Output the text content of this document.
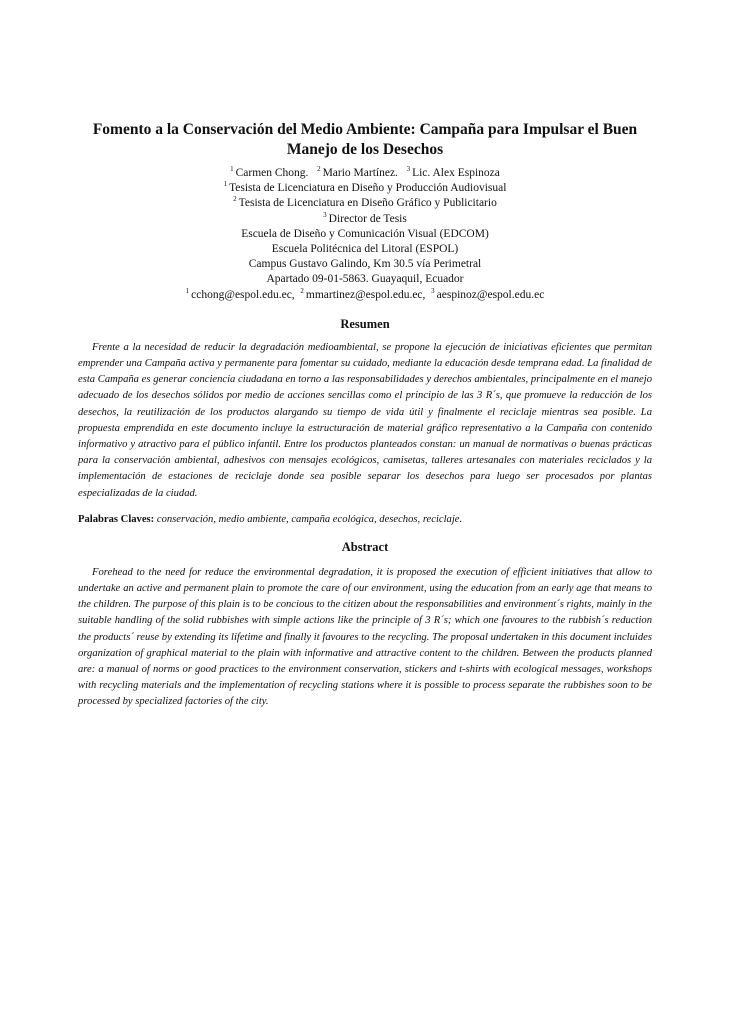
Fomento a la Conservación del Medio Ambiente: Campaña para Impulsar el Buen Manejo de los Desechos
$^1$ Carmen Chong. $^2$ Mario Martínez. $^3$ Lic. Alex Espinoza
$^1$ Tesista de Licenciatura en Diseño y Producción Audiovisual
$^2$ Tesista de Licenciatura en Diseño Gráfico y Publicitario
$^3$ Director de Tesis
Escuela de Diseño y Comunicación Visual (EDCOM)
Escuela Politécnica del Litoral (ESPOL)
Campus Gustavo Galindo, Km 30.5 vía Perimetral
Apartado 09-01-5863. Guayaquil, Ecuador
$^1$ cchong@espol.edu.ec, $^2$ mmartinez@espol.edu.ec, $^3$ aespinoz@espol.edu.ec
Resumen

Frente a la necesidad de reducir la degradación medioambiental, se propone la ejecución de iniciativas eficientes que permitan emprender una Campaña activa y permanente para fomentar su cuidado, mediante la educación desde temprana edad. La finalidad de esta Campaña es generar conciencia ciudadana en torno a las responsabilidades y derechos ambientales, principalmente en el manejo adecuado de los desechos sólidos por medio de acciones sencillas como el principio de las 3 R´s, que promueve la reducción de los desechos, la reutilización de los productos alargando su tiempo de vida útil y finalmente el reciclaje mientras sea posible. La propuesta emprendida en este documento incluye la estructuración de material gráfico representativo a la Campaña con contenido informativo y atractivo para el público infantil. Entre los productos planteados constan: un manual de normativas o buenas prácticas para la conservación ambiental, adhesivos con mensajes ecológicos, camisetas, talleres artesanales con materiales reciclados y la implementación de estaciones de reciclaje donde sea posible separar los desechos para luego ser procesados por plantas especializadas de la ciudad.

Palabras Claves: conservación, medio ambiente, campaña ecológica, desechos, reciclaje.

Abstract

Forehead to the need for reduce the environmental degradation, it is proposed the execution of efficient initiatives that allow to undertake an active and permanent plain to promote the care of our environment, using the education from an early age that means to the children. The purpose of this plain is to be concious to the citizen about the responsabilities and environment´s rights, mainly in the suitable handling of the solid rubbishes with simple actions like the principle of 3 R´s; which one favoures to the rubbish´s reduction the products´ reuse by extending its lifetime and finally it favoures to the recycling. The proposal undertaken in this document incluides organization of graphical material to the plain with informative and attractive content to the children. Between the products planned are: a manual of norms or good practices to the environment conservation, stickers and t-shirts with ecological messages, workshops with recycling materials and the implementation of recycling stations where it is possible to process separate the rubbishes soon to be processed by specialized factories of the city.
